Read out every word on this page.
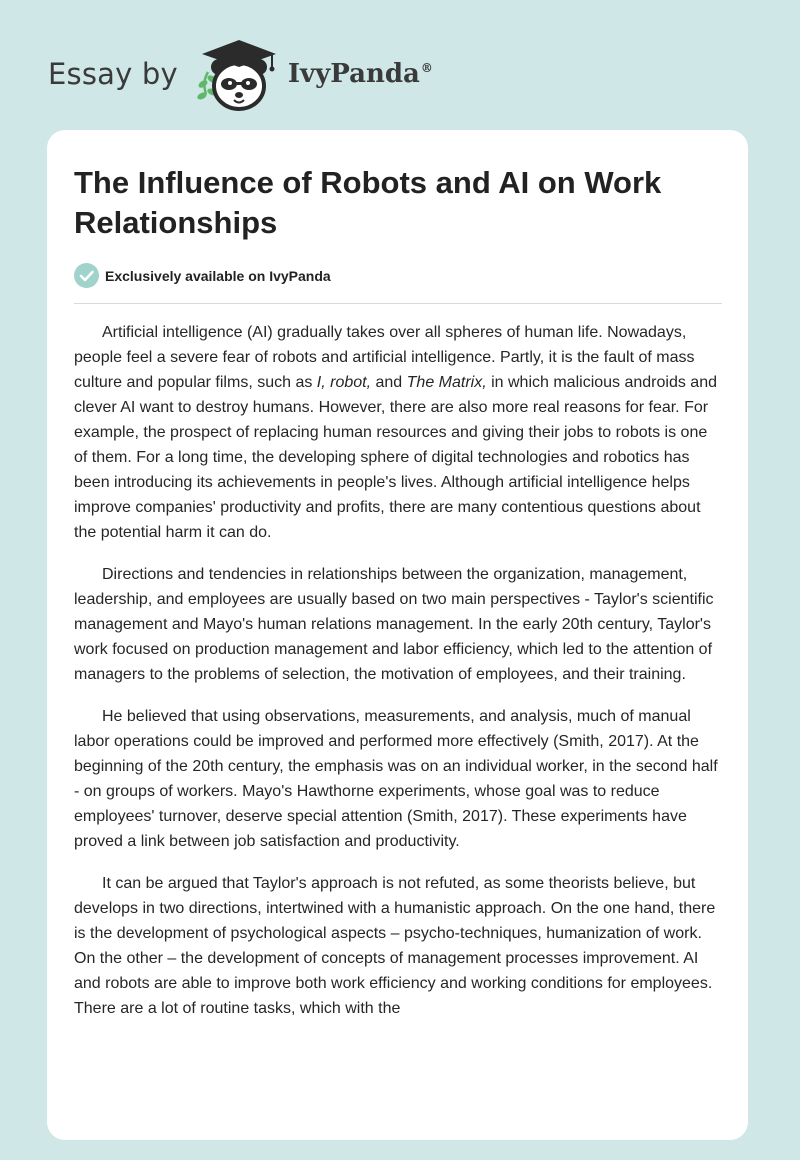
Essay by	IvyPanda®
The Influence of Robots and AI on Work Relationships
Exclusively available on IvyPanda

Artificial intelligence (AI) gradually takes over all spheres of human life. Nowadays, people feel a severe fear of robots and artificial intelligence. Partly, it is the fault of mass culture and popular films, such as I, robot, and The Matrix, in which malicious androids and clever AI want to destroy humans. However, there are also more real reasons for fear. For example, the prospect of replacing human resources and giving their jobs to robots is one of them. For a long time, the developing sphere of digital technologies and robotics has been introducing its achievements in people's lives. Although artificial intelligence helps improve companies' productivity and profits, there are many contentious questions about the potential harm it can do.

Directions and tendencies in relationships between the organization, management, leadership, and employees are usually based on two main perspectives - Taylor's scientific management and Mayo's human relations management. In the early 20th century, Taylor's work focused on production management and labor efficiency, which led to the attention of managers to the problems of selection, the motivation of employees, and their training.

He believed that using observations, measurements, and analysis, much of manual labor operations could be improved and performed more effectively (Smith, 2017). At the beginning of the 20th century, the emphasis was on an individual worker, in the second half - on groups of workers. Mayo's Hawthorne experiments, whose goal was to reduce employees' turnover, deserve special attention (Smith, 2017). These experiments have proved a link between job satisfaction and productivity.

It can be argued that Taylor's approach is not refuted, as some theorists believe, but develops in two directions, intertwined with a humanistic approach. On the one hand, there is the development of psychological aspects – psycho-techniques, humanization of work. On the other – the development of concepts of management processes improvement. AI and robots are able to improve both work efficiency and working conditions for employees. There are a lot of routine tasks, which with the
